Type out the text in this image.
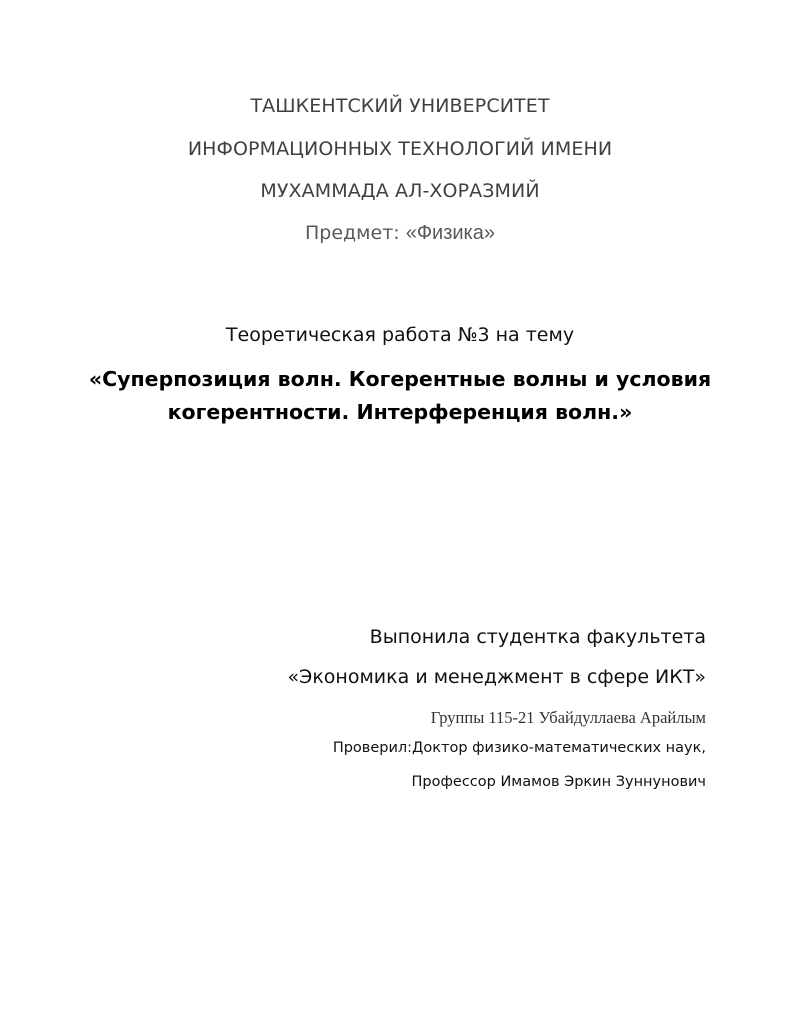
ТАШКЕНТСКИЙ УНИВЕРСИТЕТ
ИНФОРМАЦИОННЫХ ТЕХНОЛОГИЙ ИМЕНИ
МУХАММАДА АЛ-ХОРАЗМИЙ
Предмет: «Физика»
Теоретическая работа №3 на тему
«Суперпозиция волн. Когерентные волны и условия
когерентности. Интерференция волн.»
Выпонила студентка факультета
«Экономика и менеджмент в сфере ИКТ»
Группы 115-21 Убайдуллаева Арайлым
Проверил:Доктор физико-математических наук,
Профессор Имамов Эркин Зуннунович
